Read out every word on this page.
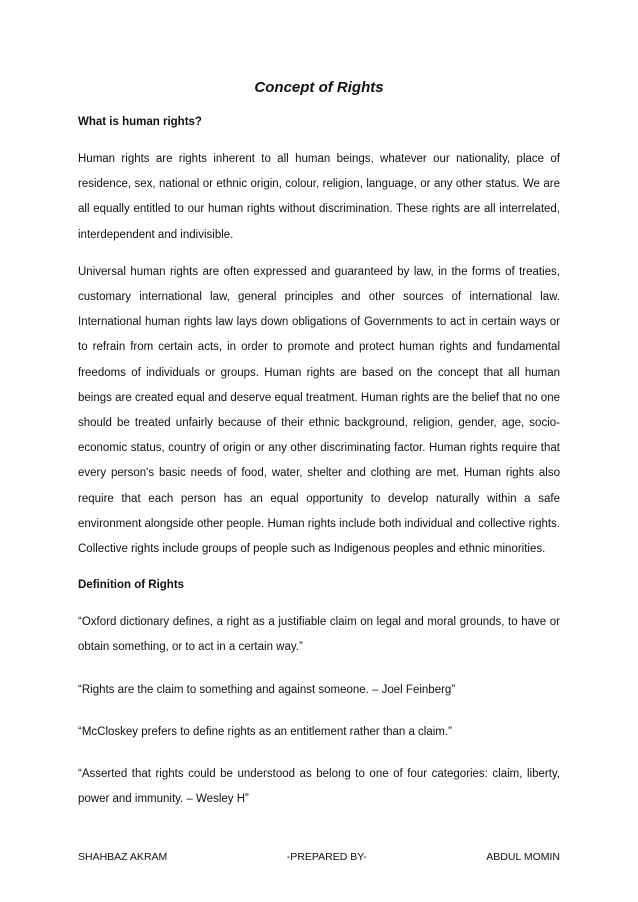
Concept of Rights
What is human rights?

Human rights are rights inherent to all human beings, whatever our nationality, place of residence, sex, national or ethnic origin, colour, religion, language, or any other status. We are all equally entitled to our human rights without discrimination. These rights are all interrelated, interdependent and indivisible.

Universal human rights are often expressed and guaranteed by law, in the forms of treaties, customary international law, general principles and other sources of international law. International human rights law lays down obligations of Governments to act in certain ways or to refrain from certain acts, in order to promote and protect human rights and fundamental freedoms of individuals or groups. Human rights are based on the concept that all human beings are created equal and deserve equal treatment. Human rights are the belief that no one should be treated unfairly because of their ethnic background, religion, gender, age, socio-economic status, country of origin or any other discriminating factor. Human rights require that every person's basic needs of food, water, shelter and clothing are met. Human rights also require that each person has an equal opportunity to develop naturally within a safe environment alongside other people. Human rights include both individual and collective rights. Collective rights include groups of people such as Indigenous peoples and ethnic minorities.

Definition of Rights

“Oxford dictionary defines, a right as a justifiable claim on legal and moral grounds, to have or obtain something, or to act in a certain way.”

“Rights are the claim to something and against someone. – Joel Feinberg”

“McCloskey prefers to define rights as an entitlement rather than a claim.”

“Asserted that rights could be understood as belong to one of four categories: claim, liberty, power and immunity. – Wesley H”

SHAHBAZ AKRAM	-PREPARED BY-	ABDUL MOMIN
